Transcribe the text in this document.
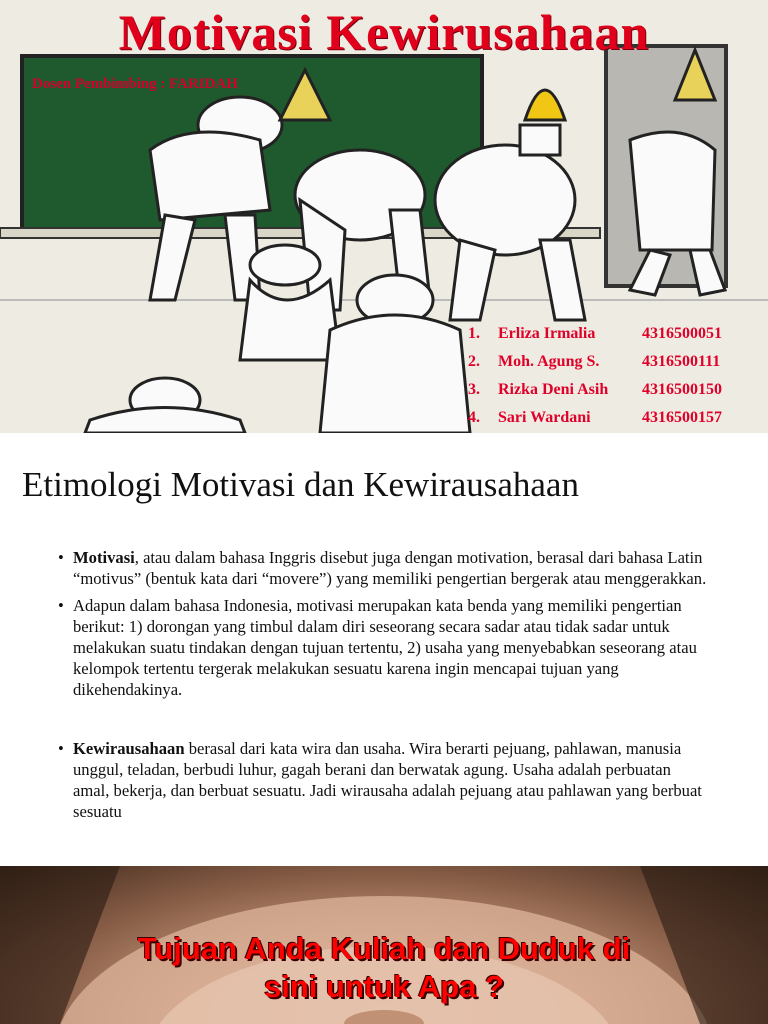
Motivasi Kewirusahaan
Dosen Pembimbing : FARIDAH
1.	Erliza Irmalia	4316500051
2.	Moh. Agung S.	4316500111
3.	Rizka Deni Asih	4316500150
4.	Sari Wardani	4316500157
Etimologi Motivasi dan Kewirausahaan
• Motivasi, atau dalam bahasa Inggris disebut juga dengan motivation, berasal dari bahasa Latin “motivus” (bentuk kata dari “movere”) yang memiliki pengertian bergerak atau menggerakkan.
• Adapun dalam bahasa Indonesia, motivasi merupakan kata benda yang memiliki pengertian berikut: 1) dorongan yang timbul dalam diri seseorang secara sadar atau tidak sadar untuk melakukan suatu tindakan dengan tujuan tertentu, 2) usaha yang menyebabkan seseorang atau kelompok tertentu tergerak melakukan sesuatu karena ingin mencapai tujuan yang dikehendakinya.
• Kewirausahaan berasal dari kata wira dan usaha. Wira berarti pejuang, pahlawan, manusia unggul, teladan, berbudi luhur, gagah berani dan berwatak agung. Usaha adalah perbuatan amal, bekerja, dan berbuat sesuatu. Jadi wirausaha adalah pejuang atau pahlawan yang berbuat sesuatu
Tujuan Anda Kuliah dan Duduk di
sini untuk Apa ?
